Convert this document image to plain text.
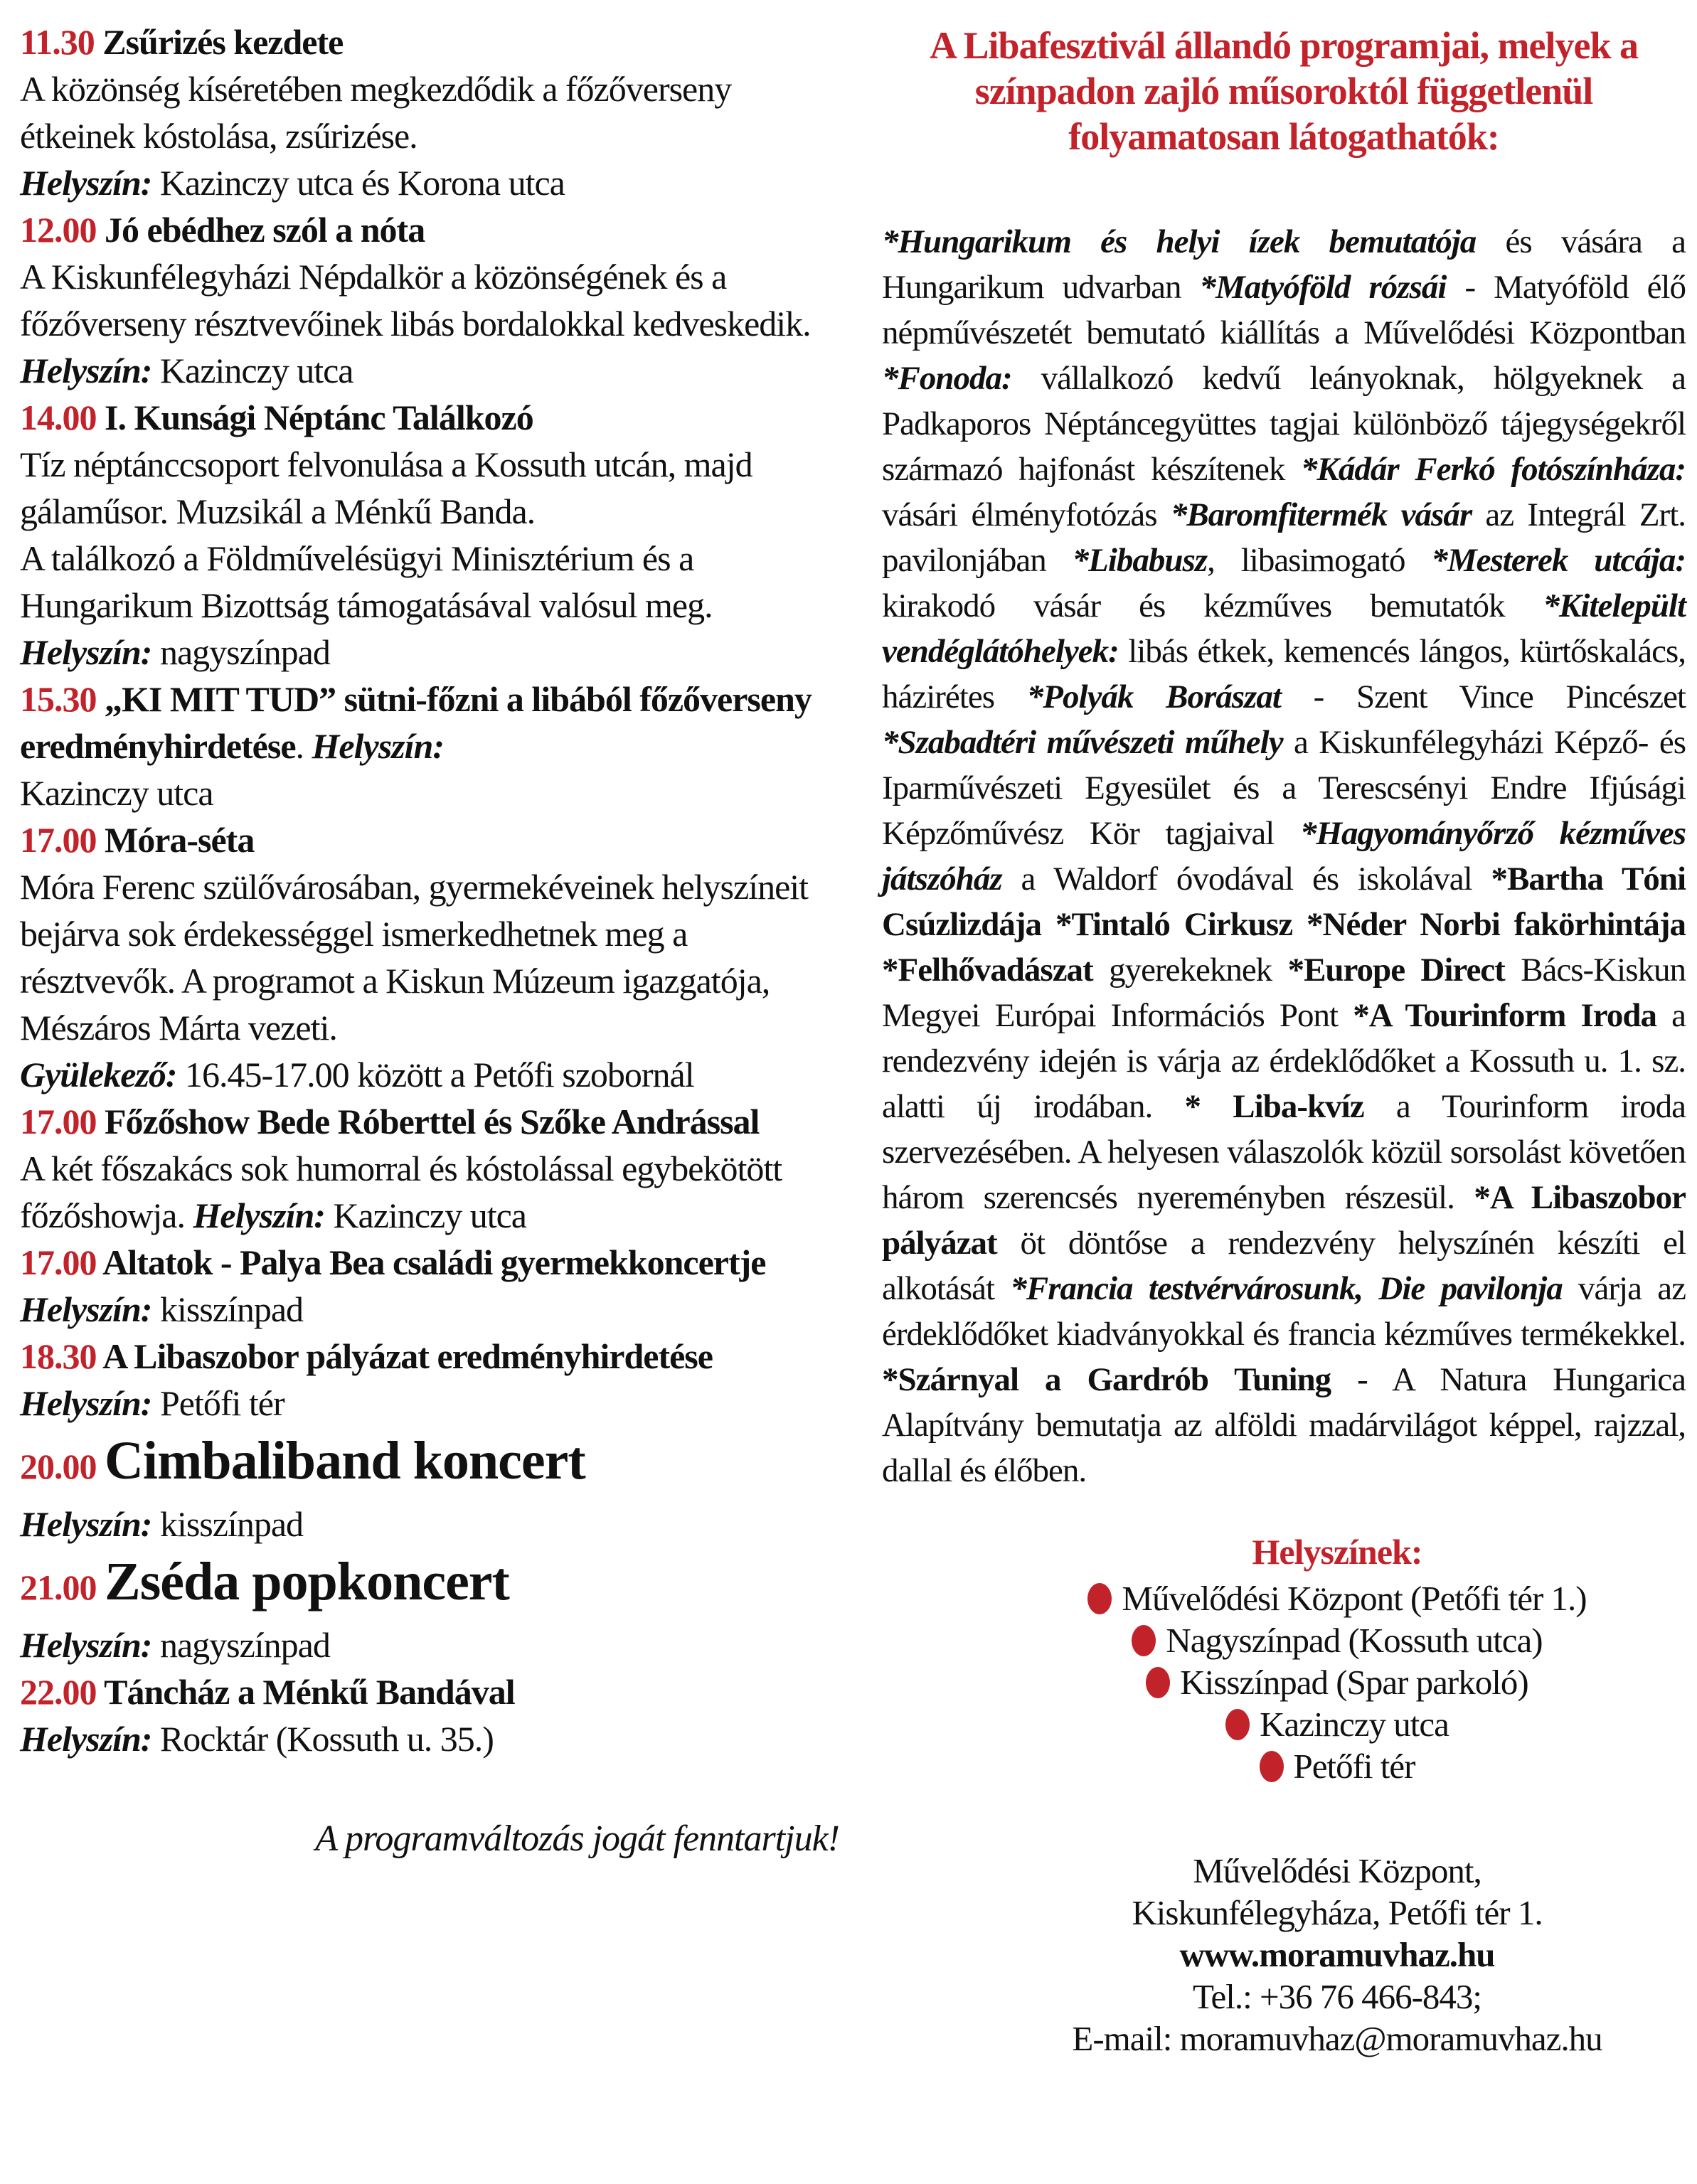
11.30 Zsűrizés kezdete

A közönség kíséretében megkezdődik a főzőverseny étkeinek kóstolása, zsűrizése.

Helyszín: Kazinczy utca és Korona utca

12.00 Jó ebédhez szól a nóta

A Kiskunfélegyházi Népdalkör a közönségének és a főzőverseny résztvevőinek libás bordalokkal kedveskedik. Helyszín: Kazinczy utca

14.00 I. Kunsági Néptánc Találkozó

Tíz néptánccsoport felvonulása a Kossuth utcán, majd gálaműsor. Muzsikál a Ménkű Banda.

A találkozó a Földművelésügyi Minisztérium és a Hungarikum Bizottság támogatásával valósul meg.

Helyszín: nagyszínpad

15.30 „KI MIT TUD” sütni-főzni a libából főzőverseny eredményhirdetése. Helyszín:

Kazinczy utca

17.00 Móra-séta

Móra Ferenc szülővárosában, gyermekéveinek helyszíneit bejárva sok érdekességgel ismerkedhetnek meg a résztvevők. A programot a Kiskun Múzeum igazgatója, Mészáros Márta vezeti.

Gyülekező: 16.45-17.00 között a Petőfi szobornál

17.00 Főzőshow Bede Róberttel és Szőke Andrással

A két főszakács sok humorral és kóstolással egybekötött főzőshowja. Helyszín: Kazinczy utca

17.00 Altatok - Palya Bea családi gyermekkoncertje

Helyszín: kisszínpad

18.30 A Libaszobor pályázat eredményhirdetése

Helyszín: Petőfi tér

20.00 Cimbaliband koncert

Helyszín: kisszínpad

21.00 Zséda popkoncert

Helyszín: nagyszínpad

22.00 Táncház a Ménkű Bandával

Helyszín: Rocktár (Kossuth u. 35.)

A programváltozás jogát fenntartjuk!
A Libafesztivál állandó programjai, melyek a színpadon zajló műsoroktól függetlenül folyamatosan látogathatók:

*Hungarikum és helyi ízek bemutatója és vására a Hungarikum udvarban *Matyóföld rózsái - Matyóföld élő népművészetét bemutató kiállítás a Művelődési Központban *Fonoda: vállalkozó kedvű leányoknak, hölgyeknek a Padkaporos Néptáncegyüttes tagjai különböző tájegységekről származó hajfonást készítenek *Kádár Ferkó fotószínháza: vásári élményfotózás *Baromfitermék vásár az Integrál Zrt. pavilonjában *Libabusz, libasimogató *Mesterek utcája: kirakodó vásár és kézműves bemutatók *Kitelepült vendéglátóhelyek: libás étkek, kemencés lángos, kürtőskalács, házirétes *Polyák Borászat - Szent Vince Pincészet *Szabadtéri művészeti műhely a Kiskunfélegyházi Képző- és Iparművészeti Egyesület és a Terescsényi Endre Ifjúsági Képzőművész Kör tagjaival *Hagyományőrző kézműves játszóház a Waldorf óvodával és iskolával *Bartha Tóni Csúzlizdája *Tintaló Cirkusz *Néder Norbi fakörhintája *Felhővadászat gyerekeknek *Europe Direct Bács-Kiskun Megyei Európai Információs Pont *A Tourinform Iroda a rendezvény idején is várja az érdeklődőket a Kossuth u. 1. sz. alatti új irodában. * Liba-kvíz a Tourinform iroda szervezésében. A helyesen válaszolók közül sorsolást követően három szerencsés nyereményben részesül. *A Libaszobor pályázat öt döntőse a rendezvény helyszínén készíti el alkotását *Francia testvérvárosunk, Die pavilonja várja az érdeklődőket kiadványokkal és francia kézműves termékekkel. *Szárnyal a Gardrób Tuning - A Natura Hungarica Alapítvány bemutatja az alföldi madárvilágot képpel, rajzzal, dallal és élőben.

Helyszínek:
Művelődési Központ (Petőfi tér 1.)
Nagyszínpad (Kossuth utca)
Kisszínpad (Spar parkoló)
Kazinczy utca
Petőfi tér
Művelődési Központ,
Kiskunfélegyháza, Petőfi tér 1.
www.moramuvhaz.hu
Tel.: +36 76 466-843;
E-mail: moramuvhaz@moramuvhaz.hu
